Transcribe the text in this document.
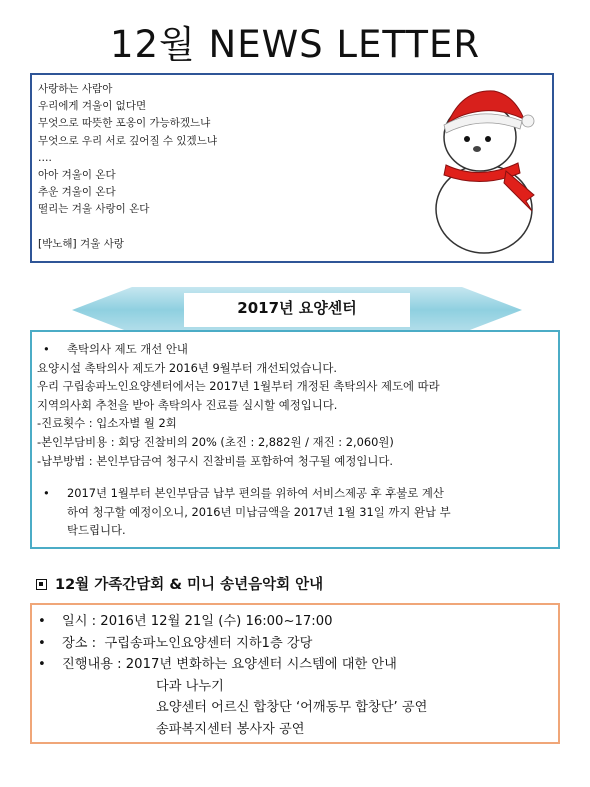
12월 NEWS LETTER
사랑하는 사람아
우리에게 겨울이 없다면
무엇으로 따뜻한 포옹이 가능하겠느냐
무엇으로 우리 서로 깊어질 수 있겠느냐
….
아아 겨울이 온다
추운 겨울이 온다
떨리는 겨울 사랑이 온다
[박노해] 겨울 사랑
2017년 요양센터
• 촉탁의사 제도 개선 안내
요양시설 촉탁의사 제도가 2016년 9월부터 개선되었습니다.
우리 구립송파노인요양센터에서는 2017년 1월부터 개정된 촉탁의사 제도에 따라
지역의사회 추천을 받아 촉탁의사 진료를 실시할 예정입니다.
-진료횟수 : 입소자별 월 2회
-본인부담비용 : 회당 진찰비의 20% (초진 : 2,882원 / 재진 : 2,060원)
-납부방법 : 본인부담금여 청구시 진찰비를 포함하여 청구될 예정입니다.
• 2017년 1월부터 본인부담금 납부 편의를 위하여 서비스제공 후 후불로 계산
하여 청구할 예정이오니, 2016년 미납금액을 2017년 1월 31일 까지 완납 부
탁드립니다.
12월 가족간담회 & 미니 송년음악회 안내
• 일시 : 2016년 12월 21일 (수) 16:00~17:00
• 장소 :  구립송파노인요양센터 지하1층 강당
• 진행내용 : 2017년 변화하는 요양센터 시스템에 대한 안내
다과 나누기
요양센터 어르신 합창단 ‘어깨동무 합창단’ 공연
송파복지센터 봉사자 공연
